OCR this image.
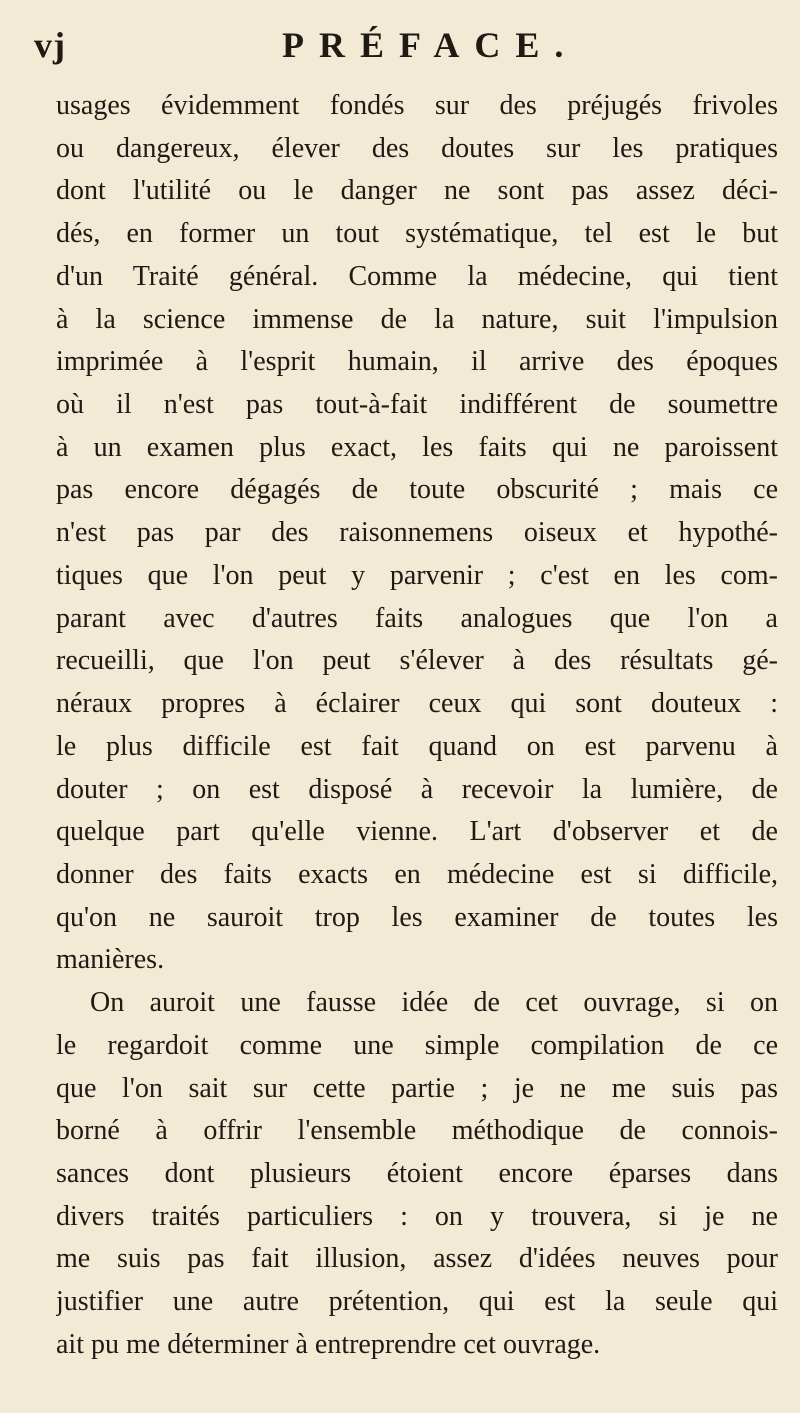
vj	PRÉFACE.
usages évidemment fondés sur des préjugés frivoles
ou dangereux, élever des doutes sur les pratiques
dont l'utilité ou le danger ne sont pas assez déci-
dés, en former un tout systématique, tel est le but
d'un Traité général. Comme la médecine, qui tient
à la science immense de la nature, suit l'impulsion
imprimée à l'esprit humain, il arrive des époques
où il n'est pas tout-à-fait indifférent de soumettre
à un examen plus exact, les faits qui ne paroissent
pas encore dégagés de toute obscurité ; mais ce
n'est pas par des raisonnemens oiseux et hypothé-
tiques que l'on peut y parvenir ; c'est en les com-
parant avec d'autres faits analogues que l'on a
recueilli, que l'on peut s'élever à des résultats gé-
néraux propres à éclairer ceux qui sont douteux :
le plus difficile est fait quand on est parvenu à
douter ; on est disposé à recevoir la lumière, de
quelque part qu'elle vienne. L'art d'observer et de
donner des faits exacts en médecine est si difficile,
qu'on ne sauroit trop les examiner de toutes les
manières.
On auroit une fausse idée de cet ouvrage, si on
le regardoit comme une simple compilation de ce
que l'on sait sur cette partie ; je ne me suis pas
borné à offrir l'ensemble méthodique de connois-
sances dont plusieurs étoient encore éparses dans
divers traités particuliers : on y trouvera, si je ne
me suis pas fait illusion, assez d'idées neuves pour
justifier une autre prétention, qui est la seule qui
ait pu me déterminer à entreprendre cet ouvrage.
